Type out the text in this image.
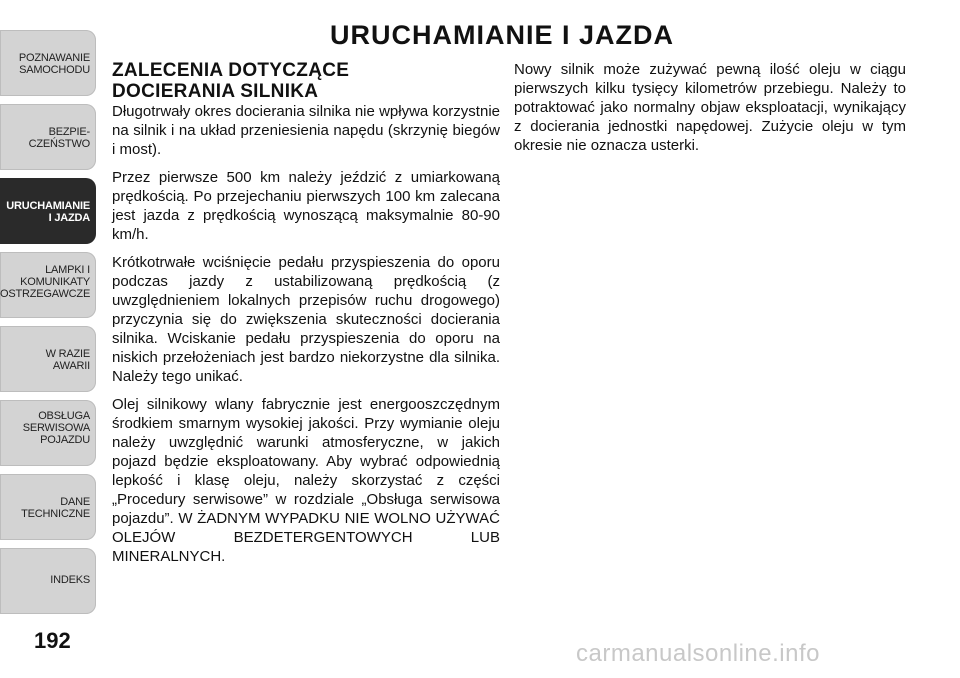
POZNAWANIE
SAMOCHODU
BEZPIE-
CZEŃSTWO
URUCHAMIANIE
I JAZDA
LAMPKI I
KOMUNIKATY
OSTRZEGAWCZE
W RAZIE
AWARII
OBSŁUGA
SERWISOWA
POJAZDU
DANE
TECHNICZNE
INDEKS
URUCHAMIANIE I JAZDA
ZALECENIA DOTYCZĄCE
DOCIERANIA SILNIKA

Długotrwały okres docierania silnika nie wpływa korzystnie na silnik i na układ przeniesienia napędu (skrzynię biegów i most).

Przez pierwsze 500 km należy jeździć z umiarkowaną prędkością. Po przejechaniu pierwszych 100 km zalecana jest jazda z prędkością wynoszącą maksymalnie 80-90 km/h.

Krótkotrwałe wciśnięcie pedału przyspieszenia do oporu podczas jazdy z ustabilizowaną prędkością (z uwzględnieniem lokalnych przepisów ruchu drogowego) przyczynia się do zwiększenia skuteczności docierania silnika. Wciskanie pedału przyspieszenia do oporu na niskich przełożeniach jest bardzo niekorzystne dla silnika. Należy tego unikać.

Olej silnikowy wlany fabrycznie jest energooszczędnym środkiem smarnym wysokiej jakości. Przy wymianie oleju należy uwzględnić warunki atmosferyczne, w jakich pojazd będzie eksploatowany. Aby wybrać odpowiednią lepkość i klasę oleju, należy skorzystać z części „Procedury serwisowe” w rozdziale „Obsługa serwisowa pojazdu”. W ŻADNYM WYPADKU NIE WOLNO UŻYWAĆ OLEJÓW BEZDETERGENTOWYCH LUB MINERALNYCH.

Nowy silnik może zużywać pewną ilość oleju w ciągu pierwszych kilku tysięcy kilometrów przebiegu. Należy to potraktować jako normalny objaw eksploatacji, wynikający z docierania jednostki napędowej. Zużycie oleju w tym okresie nie oznacza usterki.

192	carmanualsonline.info
